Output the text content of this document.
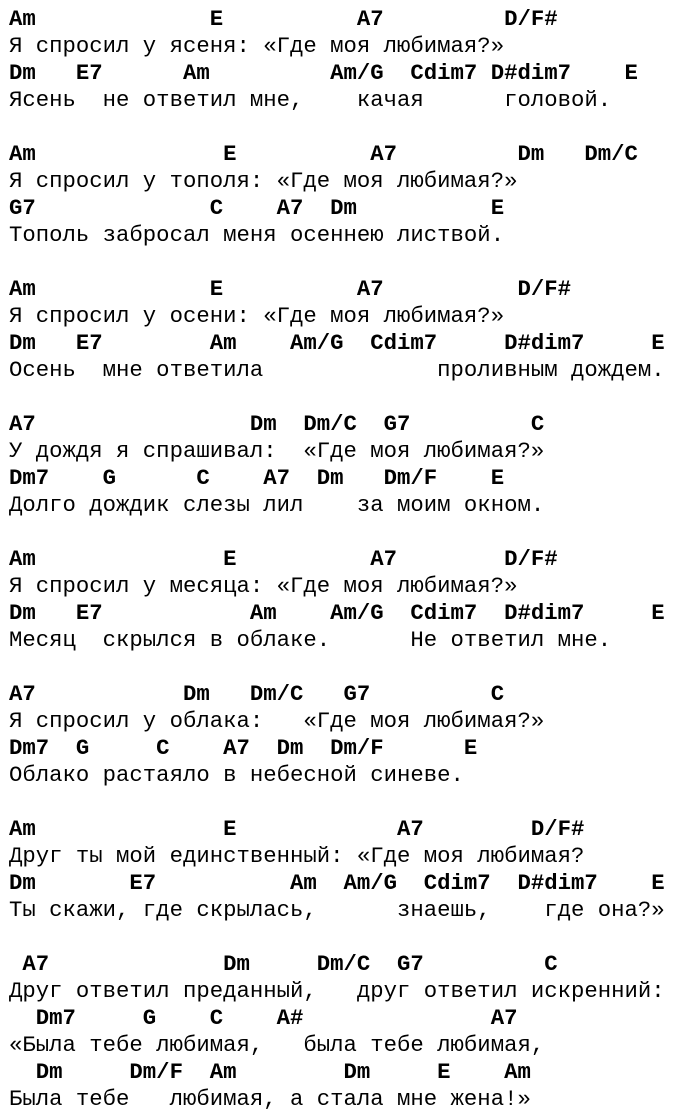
Am             E          A7         D/F#
Я спросил у ясеня: «Где моя любимая?»
Dm   E7      Am         Am/G  Cdim7 D#dim7    E
Ясень  не ответил мне,    качая      головой.
Am              E          A7         Dm   Dm/C
Я спросил у тополя: «Где моя любимая?»
G7             C    A7  Dm          E
Тополь забросал меня осеннею листвой.
Am             E          A7          D/F#
Я спросил у осени: «Где моя любимая?»
Dm   E7        Am    Am/G  Cdim7     D#dim7     E
Осень  мне ответила             проливным дождем.
A7                Dm  Dm/C  G7         C
У дождя я спрашивал:  «Где моя любимая?»
Dm7    G      C    A7  Dm   Dm/F    E
Долго дождик слезы лил    за моим окном.
Am              E          A7        D/F#
Я спросил у месяца: «Где моя любимая?»
Dm   E7           Am    Am/G  Cdim7  D#dim7     E
Месяц  скрылся в облаке.      Не ответил мне.
A7           Dm   Dm/C   G7         C
Я спросил у облака:   «Где моя любимая?»
Dm7  G     C    A7  Dm  Dm/F      E
Облако растаяло в небесной синеве.
Am              E            A7        D/F#
Друг ты мой единственный: «Где моя любимая?
Dm       E7          Am  Am/G  Cdim7  D#dim7    E
Ты скажи, где скрылась,      знаешь,    где она?»
A7             Dm     Dm/C  G7         C
Друг ответил преданный,   друг ответил искренний:
Dm7     G    C    A#              A7
«Была тебе любимая,   была тебе любимая,
Dm     Dm/F  Am        Dm     E    Am
Была тебе   любимая, а стала мне жена!»
